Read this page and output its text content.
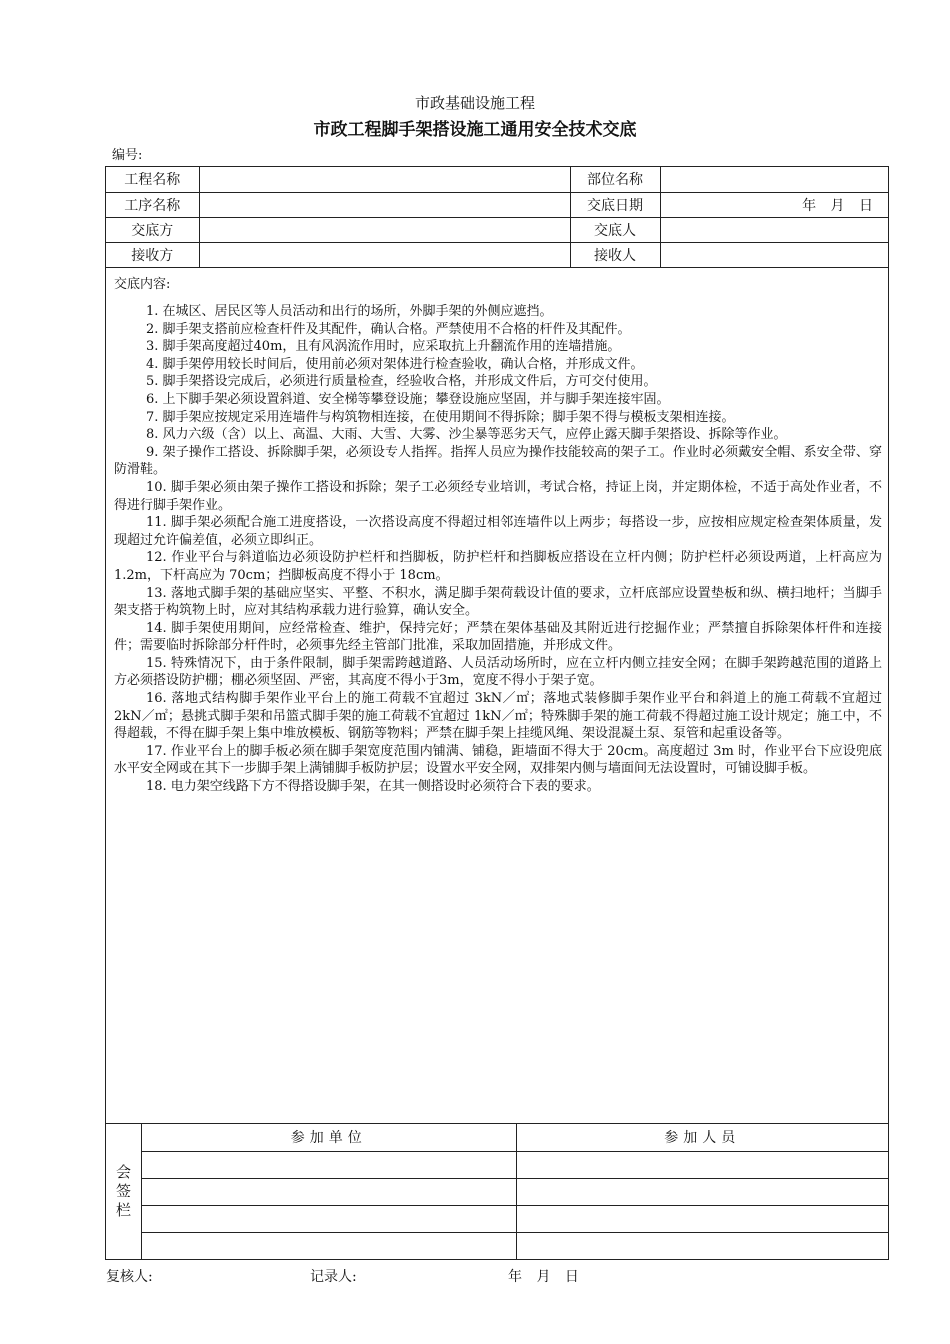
市政基础设施工程
市政工程脚手架搭设施工通用安全技术交底
编号:
工程名称		部位名称	
工序名称		交底日期	年 月 日
交底方		交底人	
接收方		接收人	
交底内容:

1. 在城区、居民区等人员活动和出行的场所，外脚手架的外侧应遮挡。

2. 脚手架支搭前应检查杆件及其配件，确认合格。严禁使用不合格的杆件及其配件。

3. 脚手架高度超过40m，且有风涡流作用时，应采取抗上升翻流作用的连墙措施。

4. 脚手架停用较长时间后，使用前必须对架体进行检查验收，确认合格，并形成文件。

5. 脚手架搭设完成后，必须进行质量检查，经验收合格，并形成文件后，方可交付使用。

6. 上下脚手架必须设置斜道、安全梯等攀登设施；攀登设施应坚固，并与脚手架连接牢固。

7. 脚手架应按规定采用连墙件与构筑物相连接，在使用期间不得拆除；脚手架不得与模板支架相连接。

8. 风力六级（含）以上、高温、大雨、大雪、大雾、沙尘暴等恶劣天气，应停止露天脚手架搭设、拆除等作业。

9. 架子操作工搭设、拆除脚手架，必须设专人指挥。指挥人员应为操作技能较高的架子工。作业时必须戴安全帽、系安全带、穿防滑鞋。

10. 脚手架必须由架子操作工搭设和拆除；架子工必须经专业培训，考试合格，持证上岗，并定期体检，不适于高处作业者，不得进行脚手架作业。

11. 脚手架必须配合施工进度搭设，一次搭设高度不得超过相邻连墙件以上两步；每搭设一步，应按相应规定检查架体质量，发现超过允许偏差值，必须立即纠正。

12. 作业平台与斜道临边必须设防护栏杆和挡脚板，防护栏杆和挡脚板应搭设在立杆内侧；防护栏杆必须设两道，上杆高应为 1.2m，下杆高应为 70cm；挡脚板高度不得小于 18cm。

13. 落地式脚手架的基础应坚实、平整、不积水，满足脚手架荷载设计值的要求，立杆底部应设置垫板和纵、横扫地杆；当脚手架支搭于构筑物上时，应对其结构承载力进行验算，确认安全。

14. 脚手架使用期间，应经常检查、维护，保持完好；严禁在架体基础及其附近进行挖掘作业；严禁擅自拆除架体杆件和连接件；需要临时拆除部分杆件时，必须事先经主管部门批准，采取加固措施，并形成文件。

15. 特殊情况下，由于条件限制，脚手架需跨越道路、人员活动场所时，应在立杆内侧立挂安全网；在脚手架跨越范围的道路上方必须搭设防护棚；棚必须坚固、严密，其高度不得小于3m，宽度不得小于架子宽。

16. 落地式结构脚手架作业平台上的施工荷载不宜超过 3kN／㎡；落地式装修脚手架作业平台和斜道上的施工荷载不宜超过 2kN／㎡；悬挑式脚手架和吊篮式脚手架的施工荷载不宜超过 1kN／㎡；特殊脚手架的施工荷载不得超过施工设计规定；施工中，不得超载，不得在脚手架上集中堆放模板、钢筋等物料；严禁在脚手架上挂缆风绳、架设混凝土泵、泵管和起重设备等。

17. 作业平台上的脚手板必须在脚手架宽度范围内铺满、铺稳，距墙面不得大于 20cm。高度超过 3m 时，作业平台下应设兜底水平安全网或在其下一步脚手架上满铺脚手板防护层；设置水平安全网，双排架内侧与墙面间无法设置时，可铺设脚手板。

18. 电力架空线路下方不得搭设脚手架，在其一侧搭设时必须符合下表的要求。

会签栏
参加单位	参加人员

复核人:	记录人:	年 月 日
